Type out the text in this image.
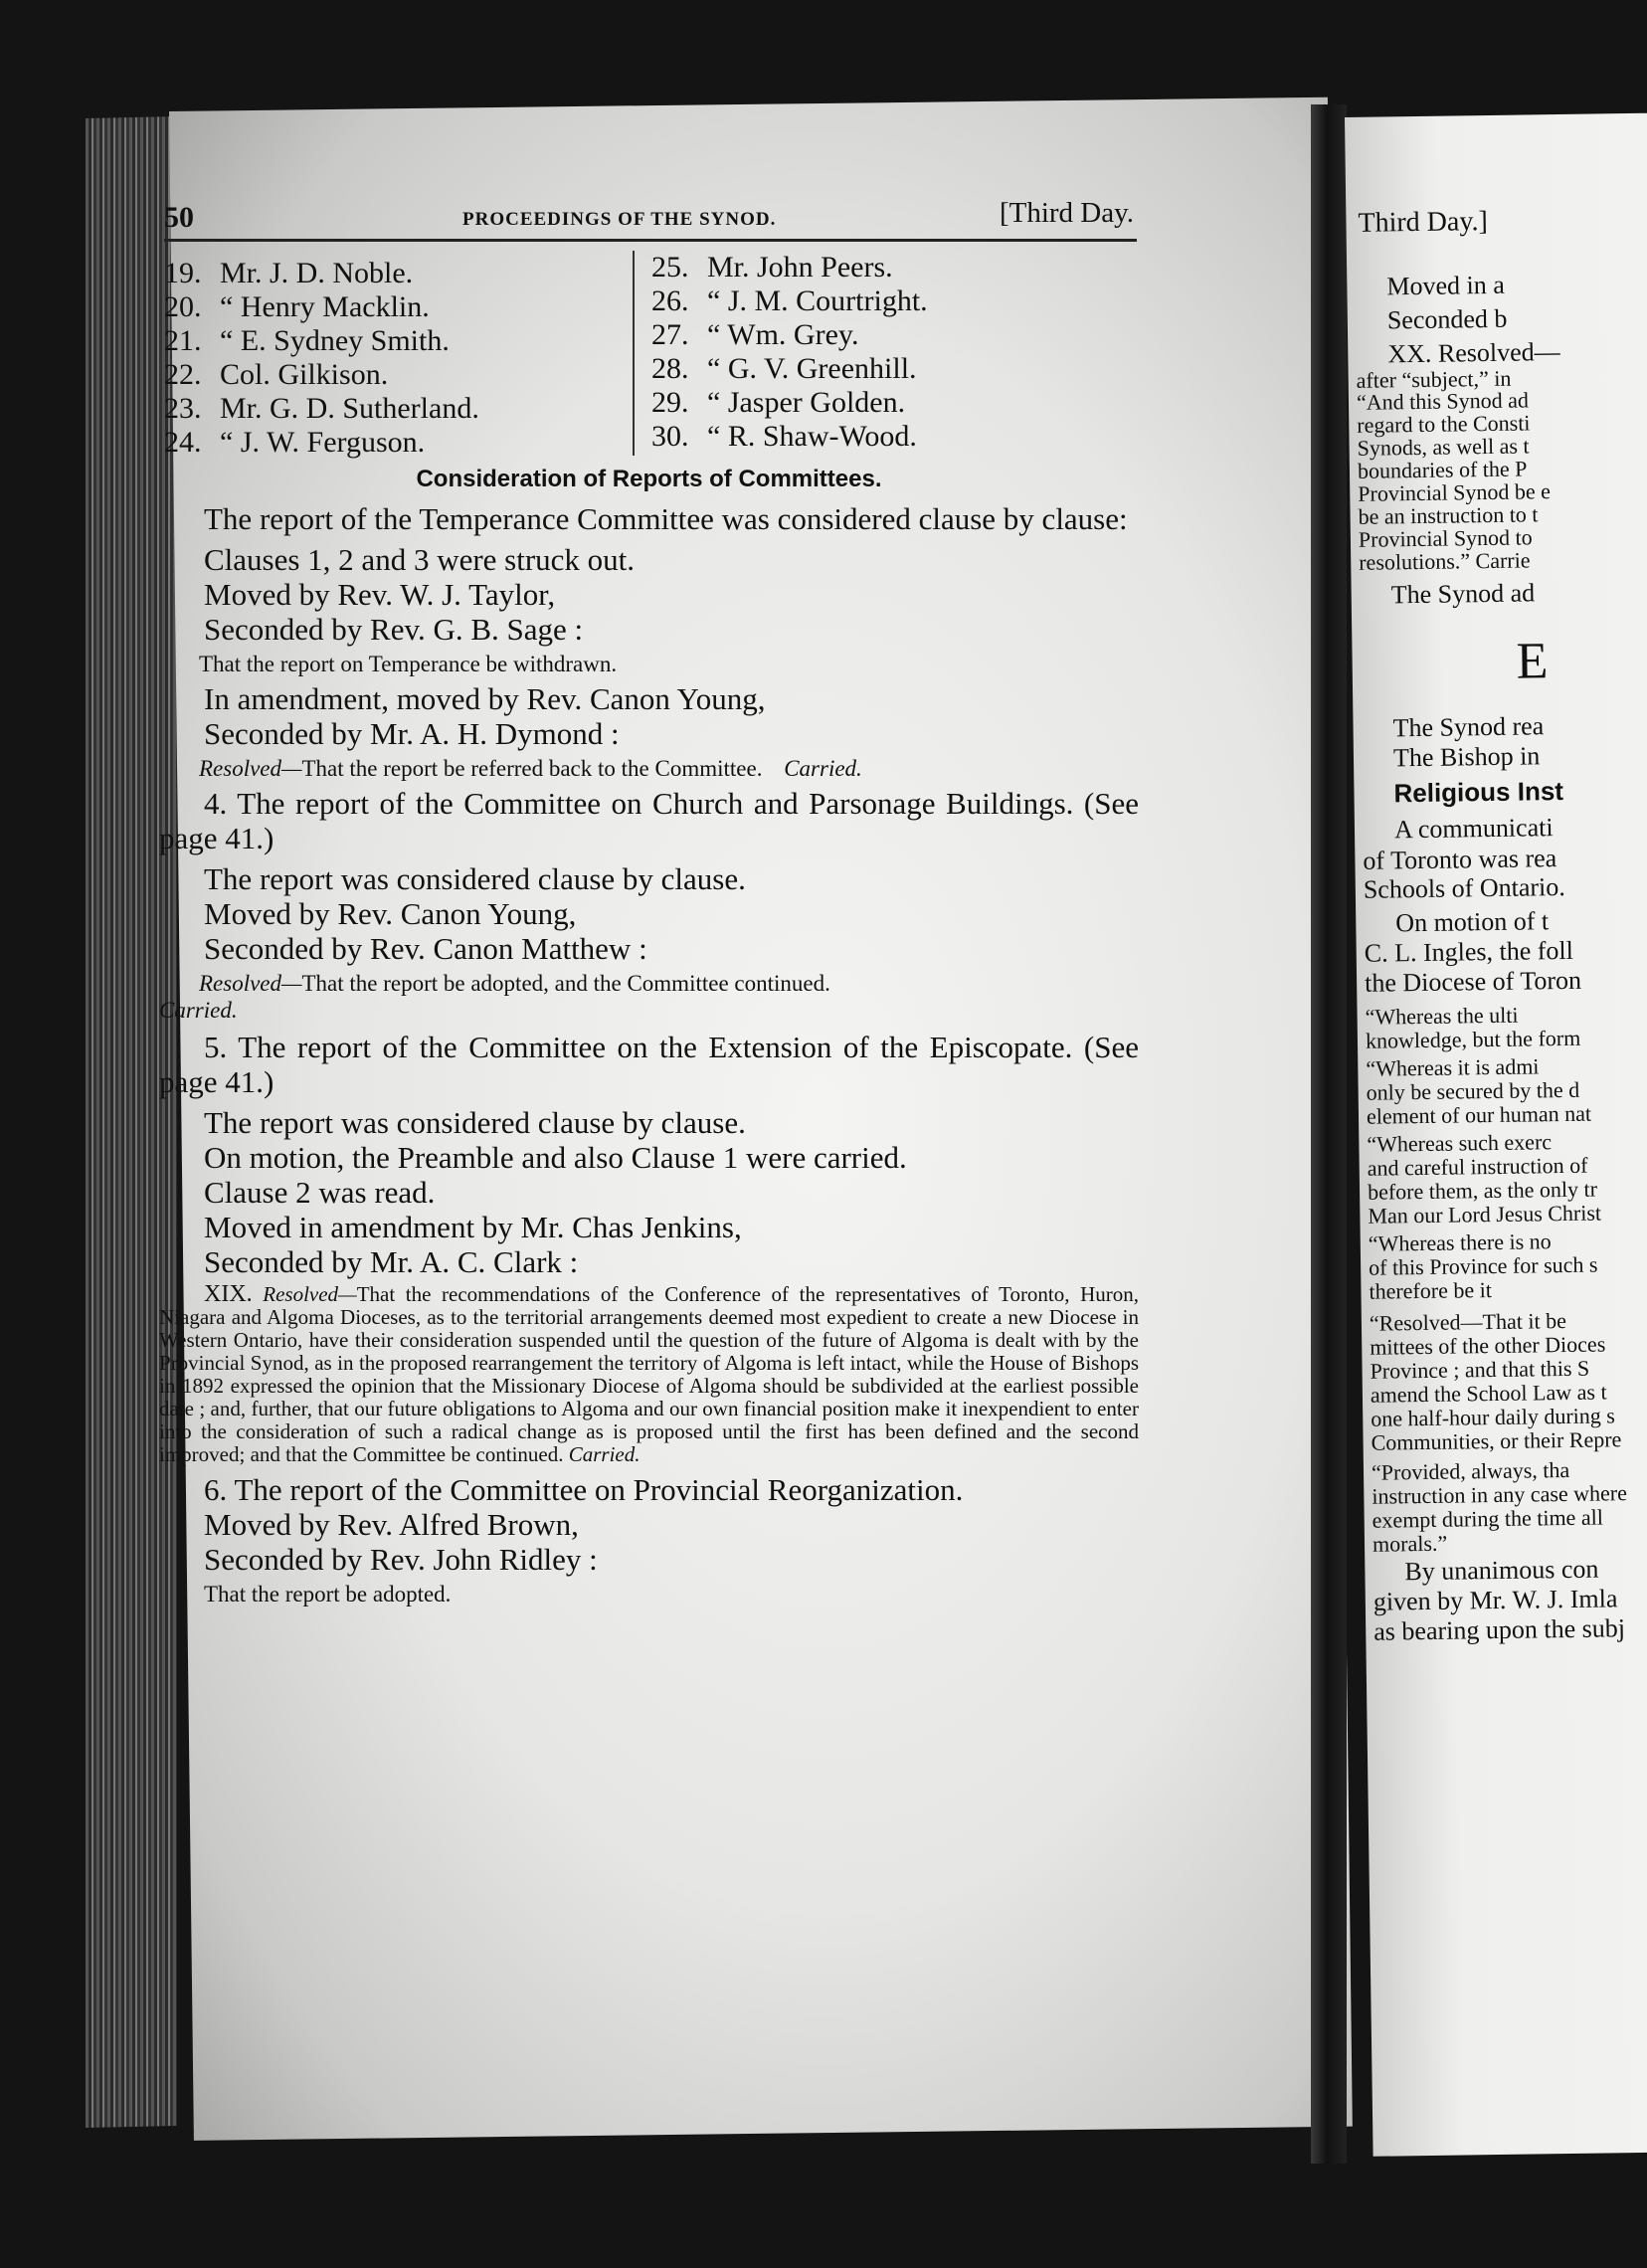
Third Day.]
Moved in a
Seconded b
XX. Resolved—
after “subject,” in
“And this Synod ad
regard to the Consti
Synods, as well as t
boundaries of the P
Provincial Synod be e
be an instruction to t
Provincial Synod to
resolutions.” Carrie
The Synod ad
E
The Synod rea
The Bishop in
Religious Inst
A communicati
of Toronto was rea
Schools of Ontario.
On motion of t
C. L. Ingles, the foll
the Diocese of Toron
“Whereas the ulti
knowledge, but the form
“Whereas it is admi
only be secured by the d
element of our human nat
“Whereas such exerc
and careful instruction of
before them, as the only tr
Man our Lord Jesus Christ
“Whereas there is no
of this Province for such s
therefore be it
“Resolved—That it be
mittees of the other Dioces
Province ; and that this S
amend the School Law as t
one half-hour daily during s
Communities, or their Repre
“Provided, always, tha
instruction in any case where
exempt during the time all
morals.”
By unanimous con
given by Mr. W. J. Imla
as bearing upon the subj
50	PROCEEDINGS OF THE SYNOD.	[Third Day.
19. Mr. J. D. Noble.
20. “ Henry Macklin.
21. “ E. Sydney Smith.
22. Col. Gilkison.
23. Mr. G. D. Sutherland.
24. “ J. W. Ferguson.
25. Mr. John Peers.
26. “ J. M. Courtright.
27. “ Wm. Grey.
28. “ G. V. Greenhill.
29. “ Jasper Golden.
30. “ R. Shaw-Wood.
Consideration of Reports of Committees.
The report of the Temperance Committee was considered clause by clause:
Clauses 1, 2 and 3 were struck out.
Moved by Rev. W. J. Taylor,
Seconded by Rev. G. B. Sage :
That the report on Temperance be withdrawn.
In amendment, moved by Rev. Canon Young,
Seconded by Mr. A. H. Dymond :
Resolved—That the report be referred back to the Committee. Carried.
4. The report of the Committee on Church and Parsonage Buildings. (See page 41.)
The report was considered clause by clause.
Moved by Rev. Canon Young,
Seconded by Rev. Canon Matthew :
Resolved—That the report be adopted, and the Committee continued.
Carried.
5. The report of the Committee on the Extension of the Episcopate. (See page 41.)
The report was considered clause by clause.
On motion, the Preamble and also Clause 1 were carried.
Clause 2 was read.
Moved in amendment by Mr. Chas Jenkins,
Seconded by Mr. A. C. Clark :
XIX. Resolved—That the recommendations of the Conference of the representatives of Toronto, Huron, Niagara and Algoma Dioceses, as to the territorial arrangements deemed most expedient to create a new Diocese in Western Ontario, have their consideration suspended until the question of the future of Algoma is dealt with by the Provincial Synod, as in the proposed rearrangement the territory of Algoma is left intact, while the House of Bishops in 1892 expressed the opinion that the Missionary Diocese of Algoma should be subdivided at the earliest possible date ; and, further, that our future obligations to Algoma and our own financial position make it inexpendient to enter into the consideration of such a radical change as is proposed until the first has been defined and the second improved; and that the Committee be continued. Carried.
6. The report of the Committee on Provincial Reorganization.
Moved by Rev. Alfred Brown,
Seconded by Rev. John Ridley :
That the report be adopted.
